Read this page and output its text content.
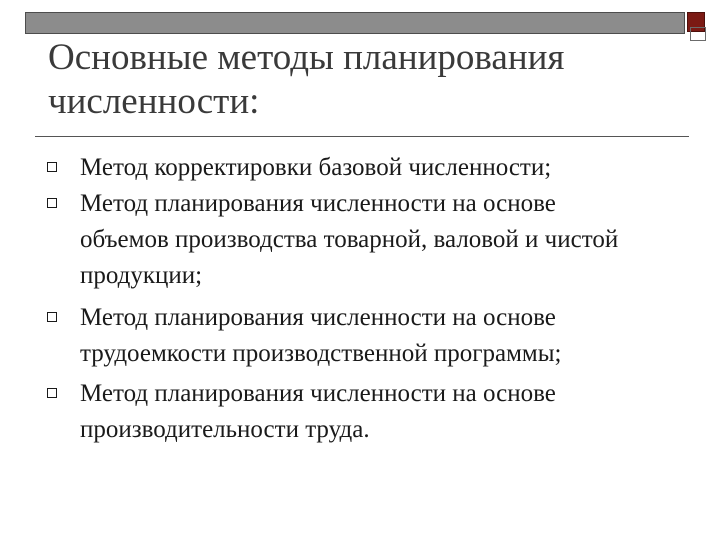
Основные методы планирования численности:
Метод корректировки базовой численности;
Метод планирования численности на основе объемов производства товарной, валовой и чистой продукции;
Метод планирования численности на основе трудоемкости производственной программы;
Метод планирования численности на основе производительности труда.
